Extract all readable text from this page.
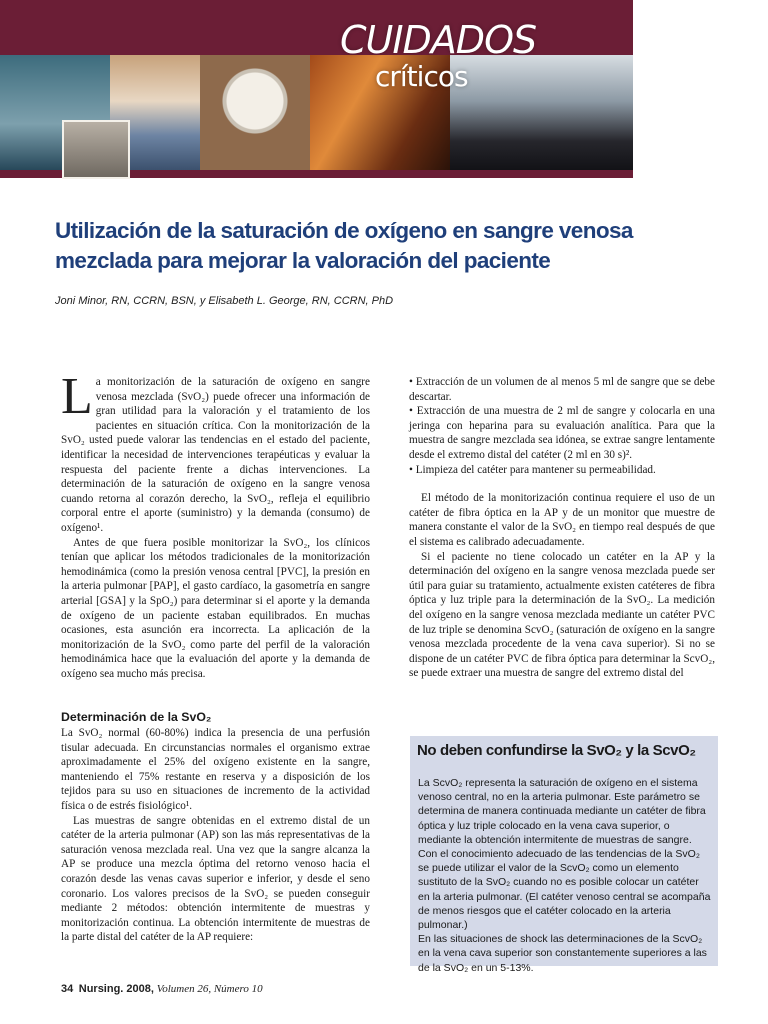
CUIDADOS
críticos
Utilización de la saturación de oxígeno en sangre venosa mezclada para mejorar la valoración del paciente
Joni Minor, RN, CCRN, BSN, y Elisabeth L. George, RN, CCRN, PhD

La monitorización de la saturación de oxígeno en sangre venosa mezclada (SvO₂) puede ofrecer una información de gran utilidad para la valoración y el tratamiento de los pacientes en situación crítica. Con la monitorización de la SvO₂ usted puede valorar las tendencias en el estado del paciente, identificar la necesidad de intervenciones terapéuticas y evaluar la respuesta del paciente frente a dichas intervenciones. La determinación de la saturación de oxígeno en la sangre venosa cuando retorna al corazón derecho, la SvO₂, refleja el equilibrio corporal entre el aporte (suministro) y la demanda (consumo) de oxígeno¹.

Antes de que fuera posible monitorizar la SvO₂, los clínicos tenían que aplicar los métodos tradicionales de la monitorización hemodinámica (como la presión venosa central [PVC], la presión en la arteria pulmonar [PAP], el gasto cardíaco, la gasometría en sangre arterial [GSA] y la SpO₂) para determinar si el aporte y la demanda de oxígeno de un paciente estaban equilibrados. En muchas ocasiones, esta asunción era incorrecta. La aplicación de la monitorización de la SvO₂ como parte del perfil de la valoración hemodinámica hace que la evaluación del aporte y la demanda de oxígeno sea mucho más precisa.

Determinación de la SvO₂

La SvO₂ normal (60-80%) indica la presencia de una perfusión tisular adecuada. En circunstancias normales el organismo extrae aproximadamente el 25% del oxígeno existente en la sangre, manteniendo el 75% restante en reserva y a disposición de los tejidos para su uso en situaciones de incremento de la actividad física o de estrés fisiológico¹.

Las muestras de sangre obtenidas en el extremo distal de un catéter de la arteria pulmonar (AP) son las más representativas de la saturación venosa mezclada real. Una vez que la sangre alcanza la AP se produce una mezcla óptima del retorno venoso hacia el corazón desde las venas cavas superior e inferior, y desde el seno coronario. Los valores precisos de la SvO₂ se pueden conseguir mediante 2 métodos: obtención intermitente de muestras y monitorización continua. La obtención intermitente de muestras de la parte distal del catéter de la AP requiere:

• Extracción de un volumen de al menos 5 ml de sangre que se debe descartar.

• Extracción de una muestra de 2 ml de sangre y colocarla en una jeringa con heparina para su evaluación analítica. Para que la muestra de sangre mezclada sea idónea, se extrae sangre lentamente desde el extremo distal del catéter (2 ml en 30 s)².

• Limpieza del catéter para mantener su permeabilidad.

El método de la monitorización continua requiere el uso de un catéter de fibra óptica en la AP y de un monitor que muestre de manera constante el valor de la SvO₂ en tiempo real después de que el sistema es calibrado adecuadamente.

Si el paciente no tiene colocado un catéter en la AP y la determinación del oxígeno en la sangre venosa mezclada puede ser útil para guiar su tratamiento, actualmente existen catéteres de fibra óptica y luz triple para la determinación de la SvO₂. La medición del oxígeno en la sangre venosa mezclada mediante un catéter PVC de luz triple se denomina ScvO₂ (saturación de oxígeno en la sangre venosa mezclada procedente de la vena cava superior). Si no se dispone de un catéter PVC de fibra óptica para determinar la ScvO₂, se puede extraer una muestra de sangre del extremo distal del

No deben confundirse la SvO₂ y la ScvO₂

La ScvO₂ representa la saturación de oxígeno en el sistema venoso central, no en la arteria pulmonar. Este parámetro se determina de manera continuada mediante un catéter de fibra óptica y luz triple colocado en la vena cava superior, o mediante la obtención intermitente de muestras de sangre.

Con el conocimiento adecuado de las tendencias de la SvO₂ se puede utilizar el valor de la ScvO₂ como un elemento sustituto de la SvO₂ cuando no es posible colocar un catéter en la arteria pulmonar. (El catéter venoso central se acompaña de menos riesgos que el catéter colocado en la arteria pulmonar.)

En las situaciones de shock las determinaciones de la ScvO₂ en la vena cava superior son constantemente superiores a las de la SvO₂ en un 5-13%.

34 Nursing. 2008, Volumen 26, Número 10
